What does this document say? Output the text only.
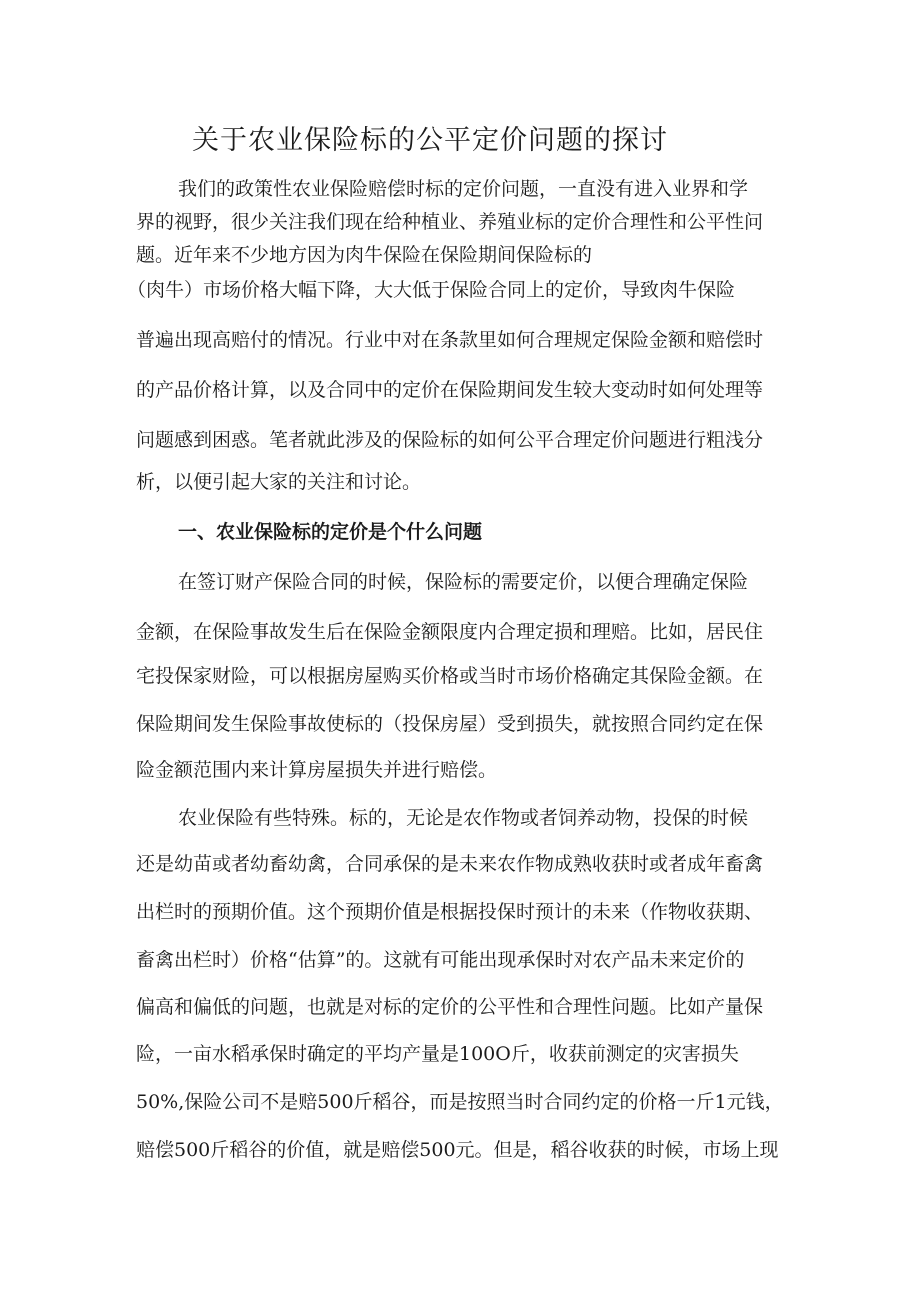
关于农业保险标的公平定价问题的探讨
我们的政策性农业保险赔偿时标的定价问题，一直没有进入业界和学
界的视野，很少关注我们现在给种植业、养殖业标的定价合理性和公平性问
题。近年来不少地方因为肉牛保险在保险期间保险标的
（肉牛）市场价格大幅下降，大大低于保险合同上的定价，导致肉牛保险
普遍出现高赔付的情况。行业中对在条款里如何合理规定保险金额和赔偿时
的产品价格计算，以及合同中的定价在保险期间发生较大变动时如何处理等
问题感到困惑。笔者就此涉及的保险标的如何公平合理定价问题进行粗浅分
析，以便引起大家的关注和讨论。
一、农业保险标的定价是个什么问题
在签订财产保险合同的时候，保险标的需要定价，以便合理确定保险
金额，在保险事故发生后在保险金额限度内合理定损和理赔。比如，居民住
宅投保家财险，可以根据房屋购买价格或当时市场价格确定其保险金额。在
保险期间发生保险事故使标的（投保房屋）受到损失，就按照合同约定在保
险金额范围内来计算房屋损失并进行赔偿。
农业保险有些特殊。标的，无论是农作物或者饲养动物，投保的时候
还是幼苗或者幼畜幼禽，合同承保的是未来农作物成熟收获时或者成年畜禽
出栏时的预期价值。这个预期价值是根据投保时预计的未来（作物收获期、
畜禽出栏时）价格“估算”的。这就有可能出现承保时对农产品未来定价的
偏高和偏低的问题，也就是对标的定价的公平性和合理性问题。比如产量保
险，一亩水稻承保时确定的平均产量是100O斤，收获前测定的灾害损失
50%,保险公司不是赔500斤稻谷，而是按照当时合同约定的价格一斤1元钱，
赔偿500斤稻谷的价值，就是赔偿500元。但是，稻谷收获的时候，市场上现
